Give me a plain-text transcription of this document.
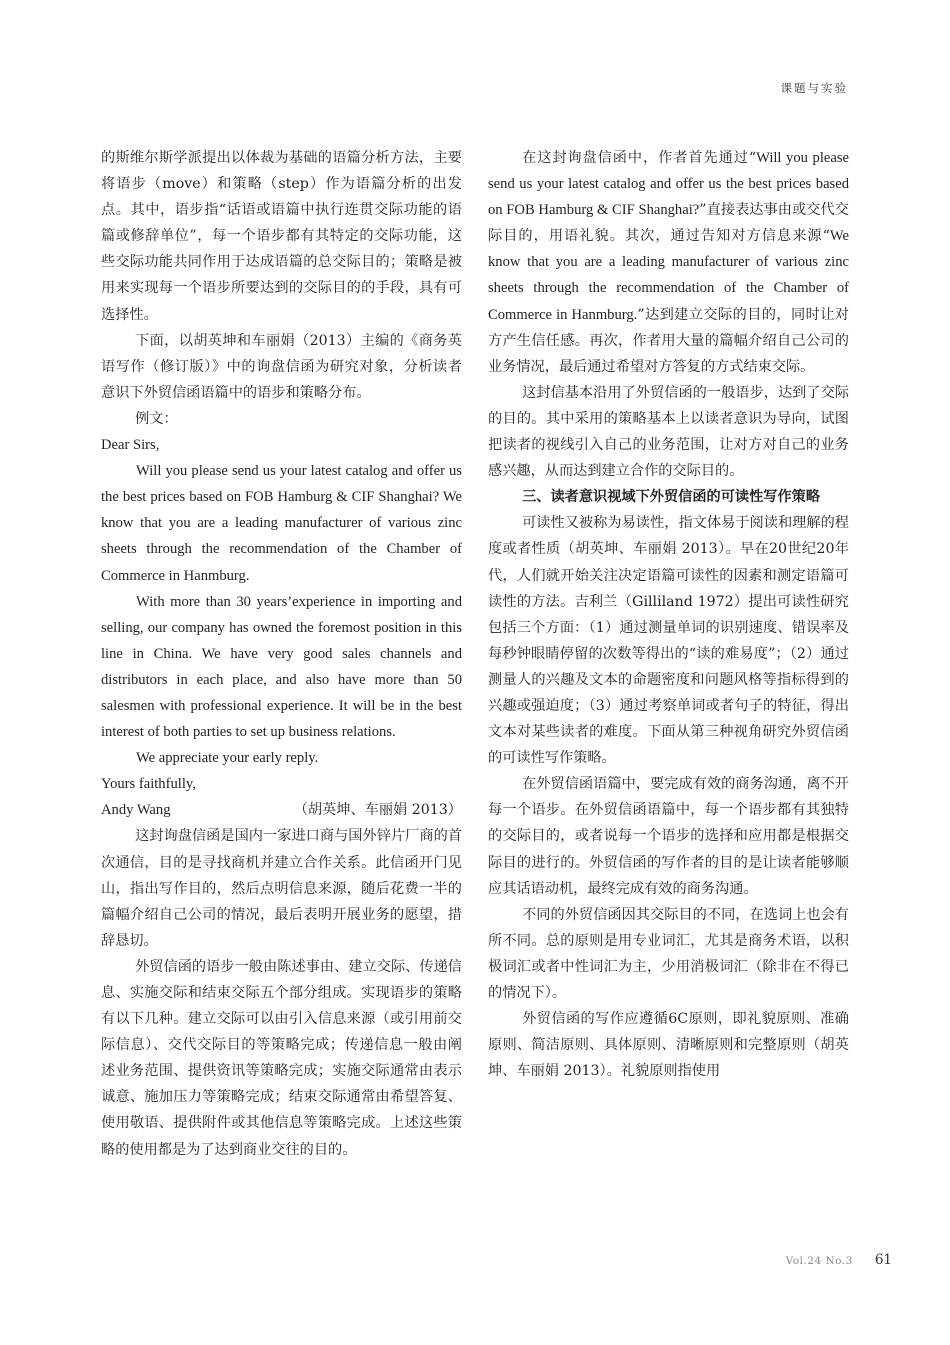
课题与实验

的斯维尔斯学派提出以体裁为基础的语篇分析方法，主要将语步（move）和策略（step）作为语篇分析的出发点。其中，语步指“话语或语篇中执行连贯交际功能的语篇或修辞单位”，每一个语步都有其特定的交际功能，这些交际功能共同作用于达成语篇的总交际目的；策略是被用来实现每一个语步所要达到的交际目的的手段，具有可选择性。

下面，以胡英坤和车丽娟（2013）主编的《商务英语写作（修订版）》中的询盘信函为研究对象，分析读者意识下外贸信函语篇中的语步和策略分布。

例文：

Dear Sirs,

Will you please send us your latest catalog and offer us the best prices based on FOB Hamburg & CIF Shanghai? We know that you are a leading manufacturer of various zinc sheets through the recommendation of the Chamber of Commerce in Hanmburg.

With more than 30 years’experience in importing and selling, our company has owned the foremost position in this line in China. We have very good sales channels and distributors in each place, and also have more than 50 salesmen with professional experience. It will be in the best interest of both parties to set up business relations.

We appreciate your early reply.

Yours faithfully,

Andy Wang	（胡英坤、车丽娟 2013）

这封询盘信函是国内一家进口商与国外锌片厂商的首次通信，目的是寻找商机并建立合作关系。此信函开门见山，指出写作目的，然后点明信息来源，随后花费一半的篇幅介绍自己公司的情况，最后表明开展业务的愿望，措辞恳切。

外贸信函的语步一般由陈述事由、建立交际、传递信息、实施交际和结束交际五个部分组成。实现语步的策略有以下几种。建立交际可以由引入信息来源（或引用前交际信息）、交代交际目的等策略完成；传递信息一般由阐述业务范围、提供资讯等策略完成；实施交际通常由表示诚意、施加压力等策略完成；结束交际通常由希望答复、使用敬语、提供附件或其他信息等策略完成。上述这些策略的使用都是为了达到商业交往的目的。

在这封询盘信函中，作者首先通过“Will you please send us your latest catalog and offer us the best prices based on FOB Hamburg & CIF Shanghai?”直接表达事由或交代交际目的，用语礼貌。其次，通过告知对方信息来源“We know that you are a leading manufacturer of various zinc sheets through the recommendation of the Chamber of Commerce in Hanmburg.”达到建立交际的目的，同时让对方产生信任感。再次，作者用大量的篇幅介绍自己公司的业务情况，最后通过希望对方答复的方式结束交际。

这封信基本沿用了外贸信函的一般语步，达到了交际的目的。其中采用的策略基本上以读者意识为导向，试图把读者的视线引入自己的业务范围，让对方对自己的业务感兴趣，从而达到建立合作的交际目的。

三、读者意识视域下外贸信函的可读性写作策略

可读性又被称为易读性，指文体易于阅读和理解的程度或者性质（胡英坤、车丽娟 2013）。早在20世纪20年代，人们就开始关注决定语篇可读性的因素和测定语篇可读性的方法。吉利兰（Gilliland 1972）提出可读性研究包括三个方面：（1）通过测量单词的识别速度、错误率及每秒钟眼睛停留的次数等得出的“读的难易度”；（2）通过测量人的兴趣及文本的命题密度和问题风格等指标得到的兴趣或强迫度；（3）通过考察单词或者句子的特征，得出文本对某些读者的难度。下面从第三种视角研究外贸信函的可读性写作策略。

在外贸信函语篇中，要完成有效的商务沟通，离不开每一个语步。在外贸信函语篇中，每一个语步都有其独特的交际目的，或者说每一个语步的选择和应用都是根据交际目的进行的。外贸信函的写作者的目的是让读者能够顺应其话语动机，最终完成有效的商务沟通。

不同的外贸信函因其交际目的不同，在选词上也会有所不同。总的原则是用专业词汇，尤其是商务术语，以积极词汇或者中性词汇为主，少用消极词汇（除非在不得已的情况下）。

外贸信函的写作应遵循6C原则，即礼貌原则、准确原则、简洁原则、具体原则、清晰原则和完整原则（胡英坤、车丽娟 2013）。礼貌原则指使用

Vol.24 No.3 61
